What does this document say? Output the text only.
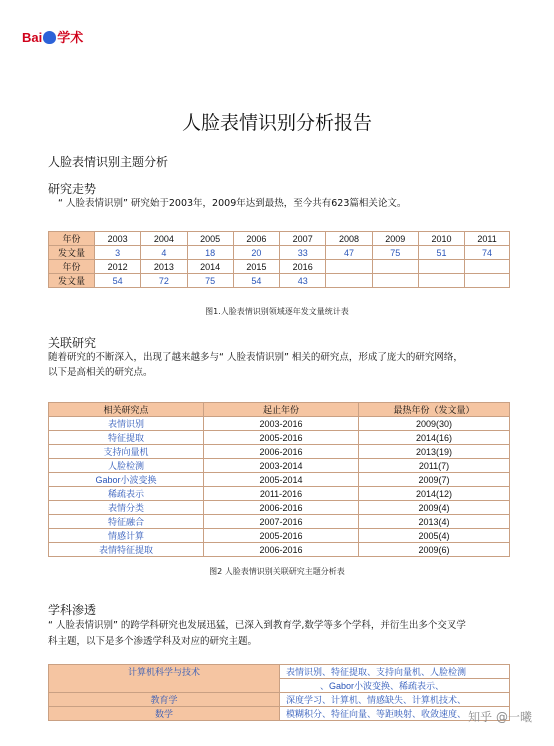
Bai 学术
人脸表情识别分析报告
人脸表情识别主题分析
研究走势
“ 人脸表情识别” 研究始于2003年，2009年达到最热，至今共有623篇相关论文。
年份	2003	2004	2005	2006	2007	2008	2009	2010	2011
发文量	3	4	18	20	33	47	75	51	74
年份	2012	2013	2014	2015	2016				
发文量	54	72	75	54	43				
图1.人脸表情识别领域逐年发文量统计表
关联研究
随着研究的不断深入，出现了越来越多与“ 人脸表情识别” 相关的研究点，形成了庞大的研究网络，
以下是高相关的研究点。
相关研究点	起止年份	最热年份（发文量）
表情识别	2003-2016	2009(30)
特征提取	2005-2016	2014(16)
支持向量机	2006-2016	2013(19)
人脸检测	2003-2014	2011(7)
Gabor小波变换	2005-2014	2009(7)
稀疏表示	2011-2016	2014(12)
表情分类	2006-2016	2009(4)
特征融合	2007-2016	2013(4)
情感计算	2005-2016	2005(4)
表情特征提取	2006-2016	2009(6)
图2 人脸表情识别关联研究主题分析表
学科渗透
“ 人脸表情识别” 的跨学科研究也发展迅猛，已深入到教育学,数学等多个学科，并衍生出多个交叉学
科主题，以下是多个渗透学科及对应的研究主题。
计算机科学与技术	表情识别、特征提取、支持向量机、人脸检测
	、Gabor小波变换、稀疏表示、
教育学	深度学习、计算机、情感缺失、计算机技术、
数学	模糊积分、特征向量、等距映射、收敛速度、 知乎 @一曦
